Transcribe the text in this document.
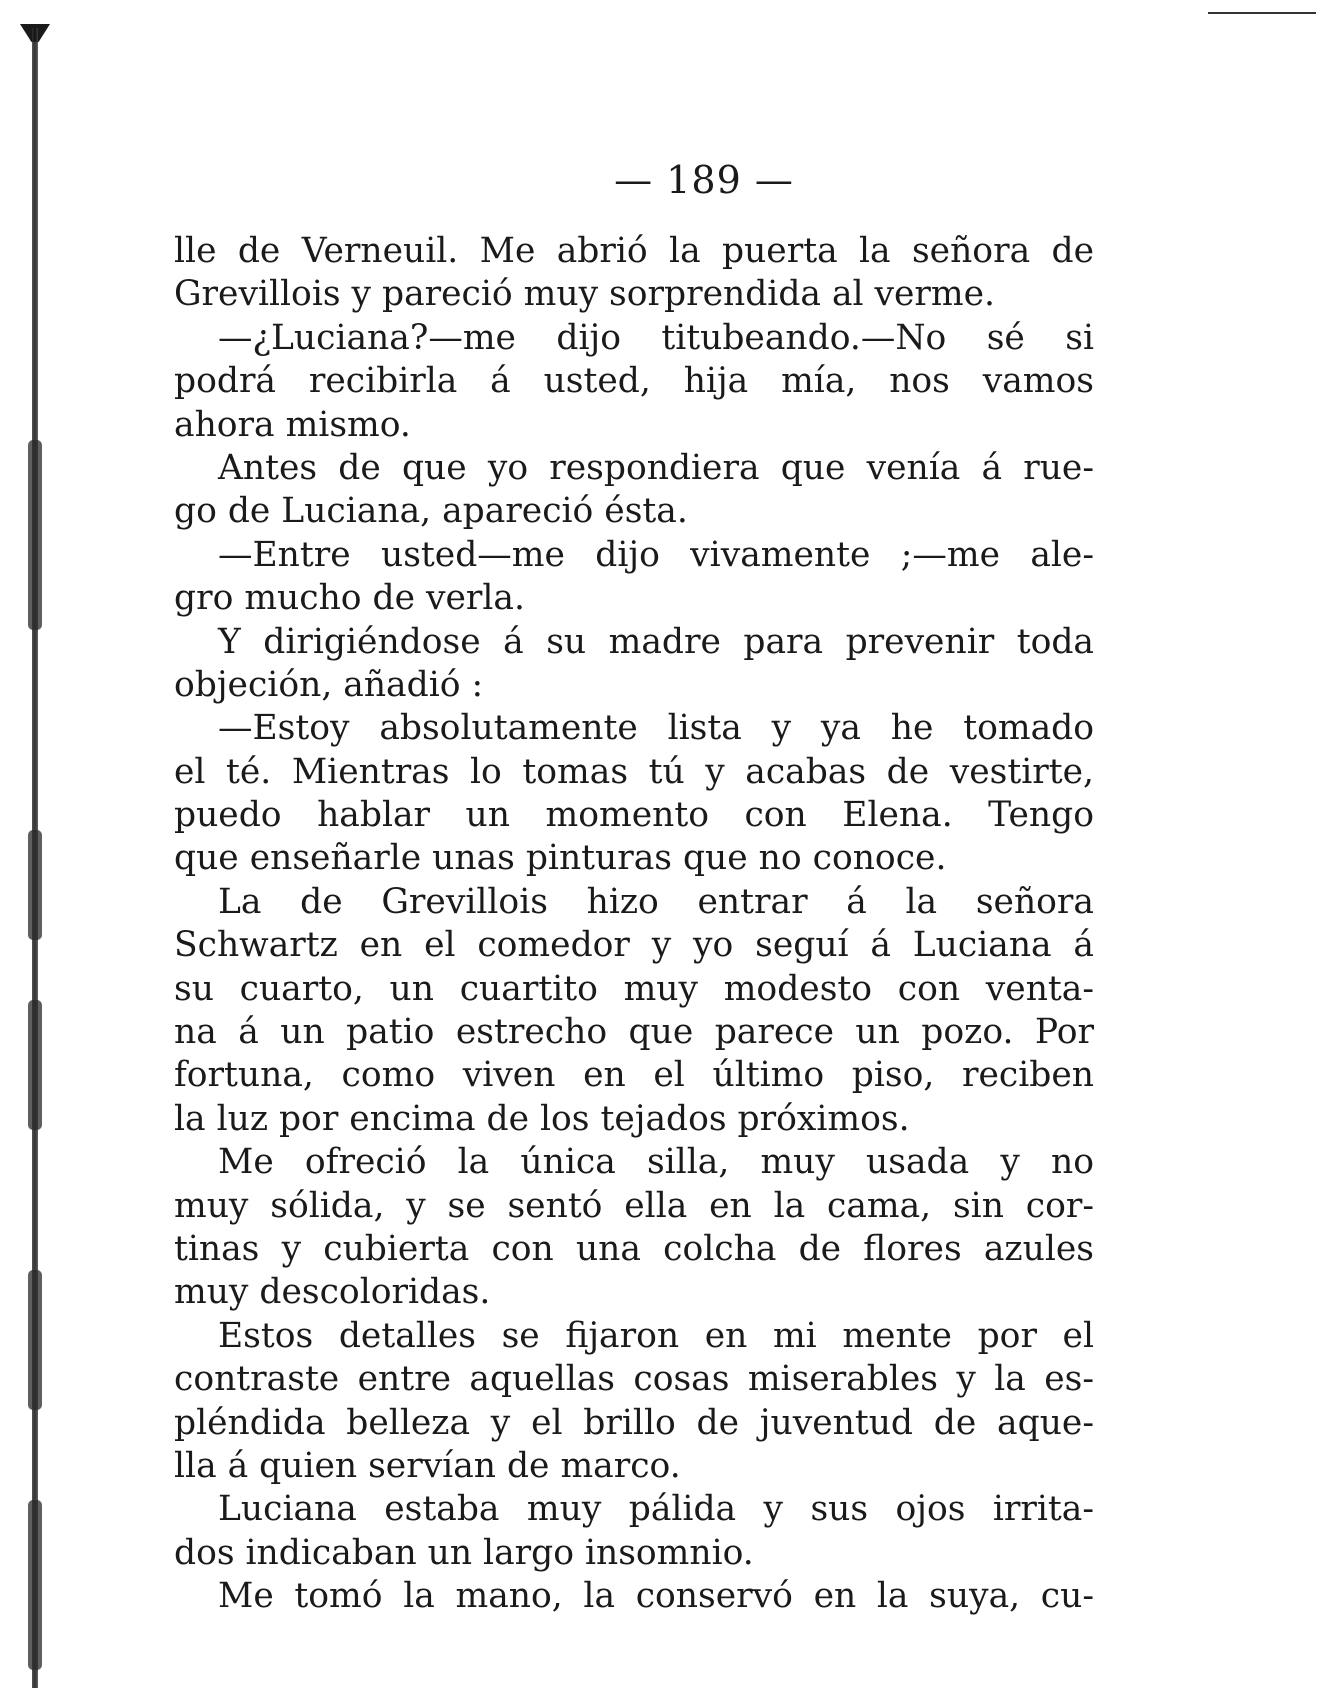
— 189 —
lle de Verneuil. Me abrió la puerta la señora de
Grevillois y pareció muy sorprendida al verme.
—¿Luciana?—me dijo titubeando.—No sé si
podrá recibirla á usted, hija mía, nos vamos
ahora mismo.
Antes de que yo respondiera que venía á rue-
go de Luciana, apareció ésta.
—Entre usted—me dijo vivamente ;—me ale-
gro mucho de verla.
Y dirigiéndose á su madre para prevenir toda
objeción, añadió :
—Estoy absolutamente lista y ya he tomado
el té. Mientras lo tomas tú y acabas de vestirte,
puedo hablar un momento con Elena. Tengo
que enseñarle unas pinturas que no conoce.
La de Grevillois hizo entrar á la señora
Schwartz en el comedor y yo seguí á Luciana á
su cuarto, un cuartito muy modesto con venta-
na á un patio estrecho que parece un pozo. Por
fortuna, como viven en el último piso, reciben
la luz por encima de los tejados próximos.
Me ofreció la única silla, muy usada y no
muy sólida, y se sentó ella en la cama, sin cor-
tinas y cubierta con una colcha de flores azules
muy descoloridas.
Estos detalles se fijaron en mi mente por el
contraste entre aquellas cosas miserables y la es-
pléndida belleza y el brillo de juventud de aque-
lla á quien servían de marco.
Luciana estaba muy pálida y sus ojos irrita-
dos indicaban un largo insomnio.
Me tomó la mano, la conservó en la suya, cu-
